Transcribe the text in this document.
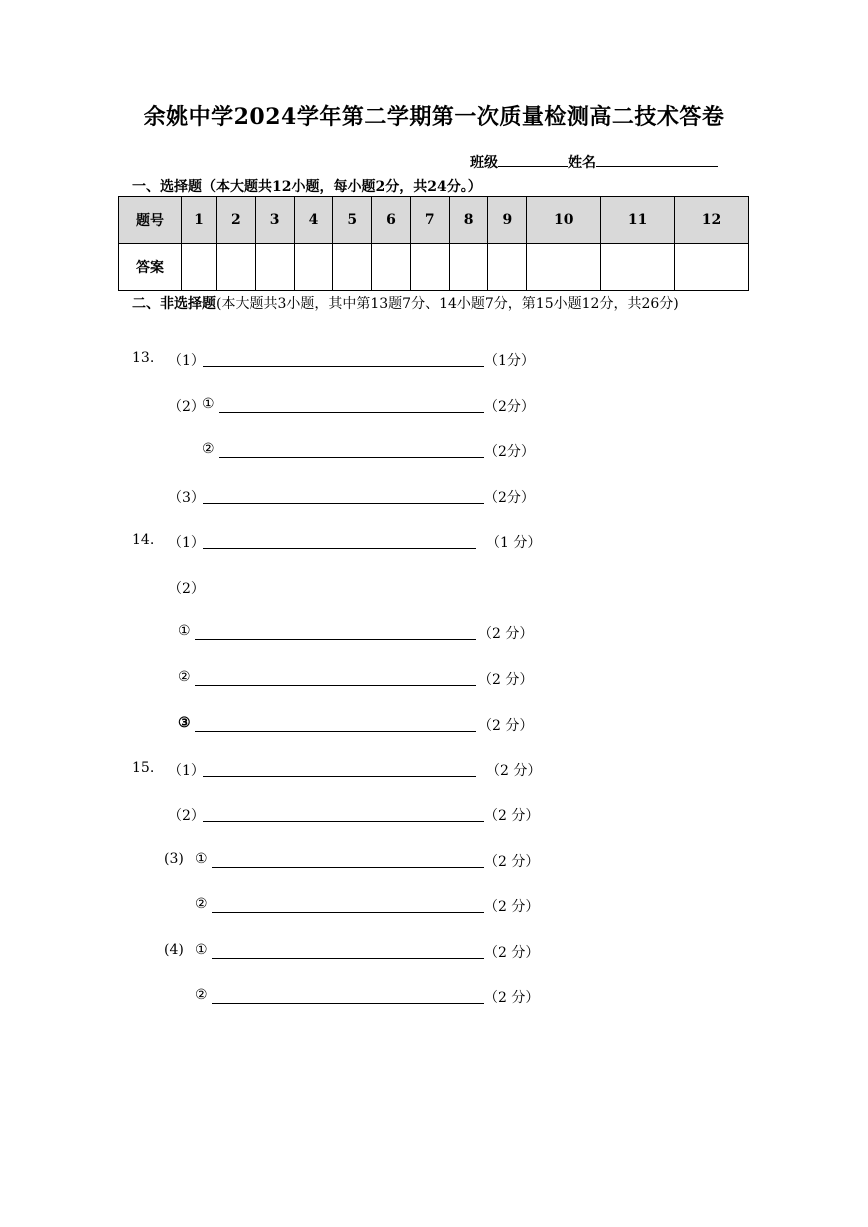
余姚中学2024学年第二学期第一次质量检测高二技术答卷
班级	姓名
一、选择题（本大题共12小题，每小题2分，共24分。）
题号	1	2	3	4	5	6	7	8	9	10	11	12
答案												
二、非选择题(本大题共3小题，其中第13题7分、14小题7分，第15小题12分，共26分)
13. （1）	（1分）
（2）
①	（2分）
②	（2分）
（3）	（2分）
14. （1）	（1 分）
（2）
①	（2 分）
②	（2 分）
③	（2 分）
15. （1）	（2 分）
（2）	（2 分）
(3) ①	（2 分）
②	（2 分）
(4) ①	（2 分）
②	（2 分）
